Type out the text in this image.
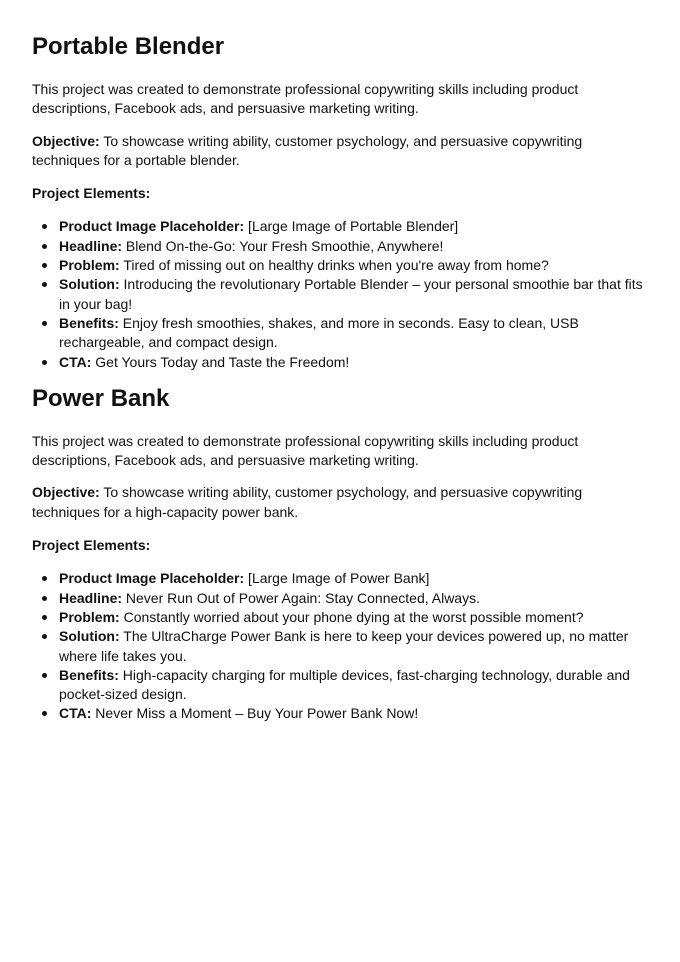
Portable Blender

This project was created to demonstrate professional copywriting skills including product descriptions, Facebook ads, and persuasive marketing writing.

Objective: To showcase writing ability, customer psychology, and persuasive copywriting techniques for a portable blender.

Project Elements:

Product Image Placeholder: [Large Image of Portable Blender]
Headline: Blend On-the-Go: Your Fresh Smoothie, Anywhere!
Problem: Tired of missing out on healthy drinks when you're away from home?
Solution: Introducing the revolutionary Portable Blender – your personal smoothie bar that fits in your bag!
Benefits: Enjoy fresh smoothies, shakes, and more in seconds. Easy to clean, USB rechargeable, and compact design.
CTA: Get Yours Today and Taste the Freedom!
Power Bank

This project was created to demonstrate professional copywriting skills including product descriptions, Facebook ads, and persuasive marketing writing.

Objective: To showcase writing ability, customer psychology, and persuasive copywriting techniques for a high-capacity power bank.

Project Elements:

Product Image Placeholder: [Large Image of Power Bank]
Headline: Never Run Out of Power Again: Stay Connected, Always.
Problem: Constantly worried about your phone dying at the worst possible moment?
Solution: The UltraCharge Power Bank is here to keep your devices powered up, no matter where life takes you.
Benefits: High-capacity charging for multiple devices, fast-charging technology, durable and pocket-sized design.
CTA: Never Miss a Moment – Buy Your Power Bank Now!
